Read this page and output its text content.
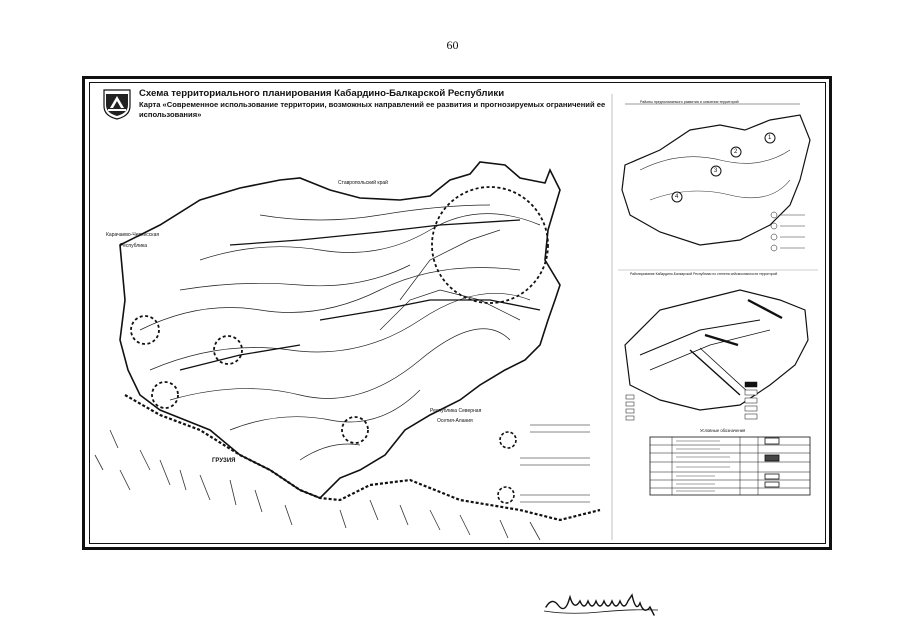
60
Схема территориального планирования Кабардино-Балкарской Республики
Карта «Современное использование территории, возможных направлений ее развития и прогнозируемых ограничений ее использования»
Ставропольский край
Карачаево-Черкесская
Республика
Республика Северная
Осетия-Алания
ГРУЗИЯ
Районы предполагаемого развития и освоения территорий
1
2
3
4
Районирование Кабардино-Балкарской Республики по степени сейсмоопасности территорий
Условные обозначения
